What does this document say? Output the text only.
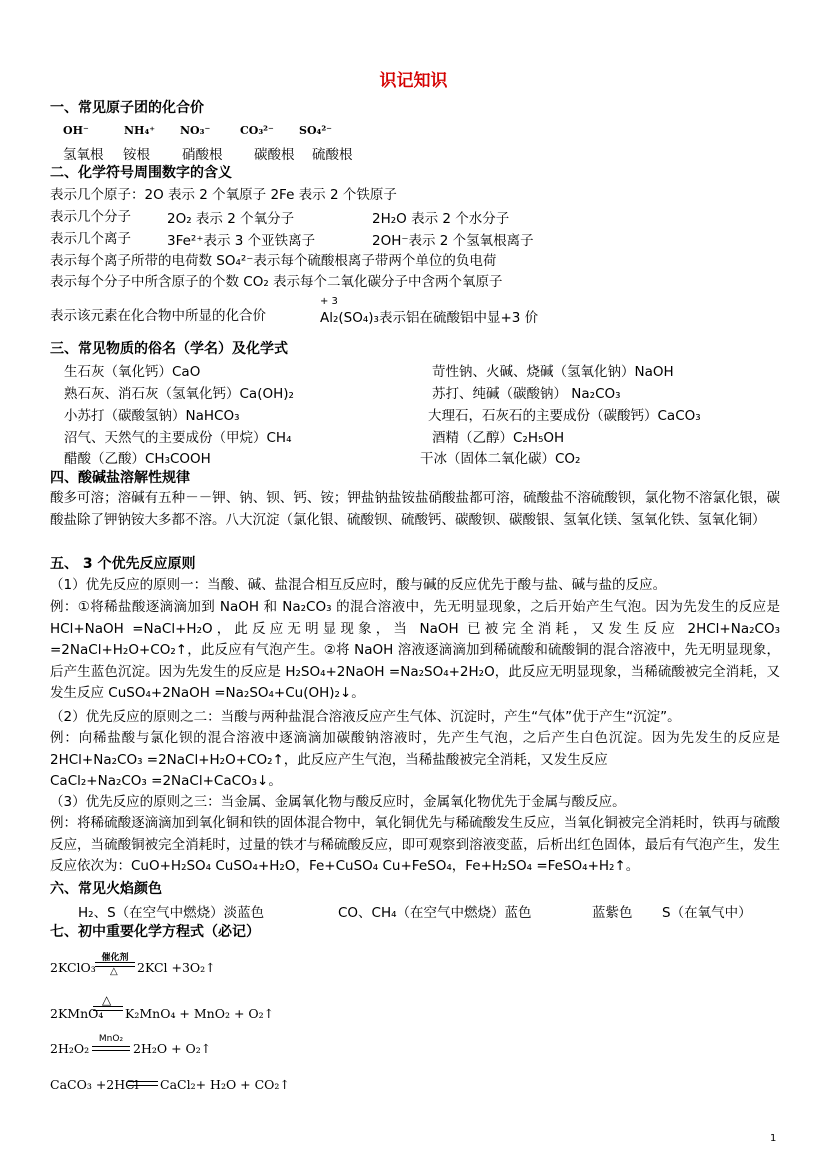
识记知识
一、常见原子团的化合价
OH⁻	NH₄⁺ NO₃⁻	CO₃²⁻ SO₄²⁻
氢氧根 铵根 硝酸根 碳酸根 硫酸根
二、化学符号周围数字的含义
表示几个原子：2O 表示 2 个氧原子 2Fe 表示 2 个铁原子
表示几个分子	2O₂ 表示 2 个氧分子	2H₂O 表示 2 个水分子
表示几个离子	3Fe²⁺表示 3 个亚铁离子	2OH⁻表示 2 个氢氧根离子
表示每个离子所带的电荷数 SO₄²⁻表示每个硫酸根离子带两个单位的负电荷
表示每个分子中所含原子的个数 CO₂ 表示每个二氧化碳分子中含两个氧原子
表示该元素在化合物中所显的化合价
+ 3
Al₂(SO₄)₃表示铝在硫酸铝中显+3 价
三、常见物质的俗名（学名）及化学式
生石灰（氧化钙）CaO
熟石灰、消石灰（氢氧化钙）Ca(OH)₂
小苏打（碳酸氢钠）NaHCO₃
沼气、天然气的主要成份（甲烷）CH₄
醋酸（乙酸）CH₃COOH
苛性钠、火碱、烧碱（氢氧化钠）NaOH
苏打、纯碱（碳酸钠） Na₂CO₃
大理石，石灰石的主要成份（碳酸钙）CaCO₃
酒精（乙醇）C₂H₅OH
干冰（固体二氧化碳）CO₂
四、酸碱盐溶解性规律
酸多可溶；溶碱有五种－－钾、钠、钡、钙、铵；钾盐钠盐铵盐硝酸盐都可溶，硫酸盐不溶硫酸钡，氯化物不溶氯化银，碳酸盐除了钾钠铵大多都不溶。八大沉淀（氯化银、硫酸钡、硫酸钙、碳酸钡、碳酸银、氢氧化镁、氢氧化铁、氢氧化铜）
五、 3 个优先反应原则
（1）优先反应的原则一：当酸、碱、盐混合相互反应时，酸与碱的反应优先于酸与盐、碱与盐的反应。
例：①将稀盐酸逐滴滴加到 NaOH 和 Na₂CO₃ 的混合溶液中，先无明显现象，之后开始产生气泡。因为先发生的反应是 HCl+NaOH =NaCl+H₂O，此反应无明显现象，当 NaOH 已被完全消耗，又发生反应 2HCl+Na₂CO₃ =2NaCl+H₂O+CO₂↑，此反应有气泡产生。②将 NaOH 溶液逐滴滴加到稀硫酸和硫酸铜的混合溶液中，先无明显现象，后产生蓝色沉淀。因为先发生的反应是 H₂SO₄+2NaOH =Na₂SO₄+2H₂O，此反应无明显现象，当稀硫酸被完全消耗，又发生反应 CuSO₄+2NaOH =Na₂SO₄+Cu(OH)₂↓。
（2）优先反应的原则之二：当酸与两种盐混合溶液反应产生气体、沉淀时，产生“气体”优于产生“沉淀”。
例：向稀盐酸与氯化钡的混合溶液中逐滴滴加碳酸钠溶液时，先产生气泡，之后产生白色沉淀。因为先发生的反应是 2HCl+Na₂CO₃ =2NaCl+H₂O+CO₂↑，此反应产生气泡，当稀盐酸被完全消耗，又发生反应
CaCl₂+Na₂CO₃ =2NaCl+CaCO₃↓。
（3）优先反应的原则之三：当金属、金属氧化物与酸反应时，金属氧化物优先于金属与酸反应。
例：将稀硫酸逐滴滴加到氧化铜和铁的固体混合物中，氧化铜优先与稀硫酸发生反应，当氧化铜被完全消耗时，铁再与硫酸反应，当硫酸铜被完全消耗时，过量的铁才与稀硫酸反应，即可观察到溶液变蓝，后析出红色固体，最后有气泡产生，发生反应依次为：CuO+H₂SO₄ CuSO₄+H₂O，Fe+CuSO₄ Cu+FeSO₄，Fe+H₂SO₄ =FeSO₄+H₂↑。
六、常见火焰颜色
H₂、S（在空气中燃烧）淡蓝色	CO、CH₄（在空气中燃烧）蓝色	蓝紫色 S（在氧气中）
七、初中重要化学方程式（必记）
2KClO₃
催化剂
△ 2KCl +3O₂↑
2KMnO₄
△
K₂MnO₄ + MnO₂ + O₂↑
2H₂O₂
MnO₂
2H₂O + O₂↑
CaCO₃ +2HCl CaCl₂+ H₂O + CO₂↑
1
